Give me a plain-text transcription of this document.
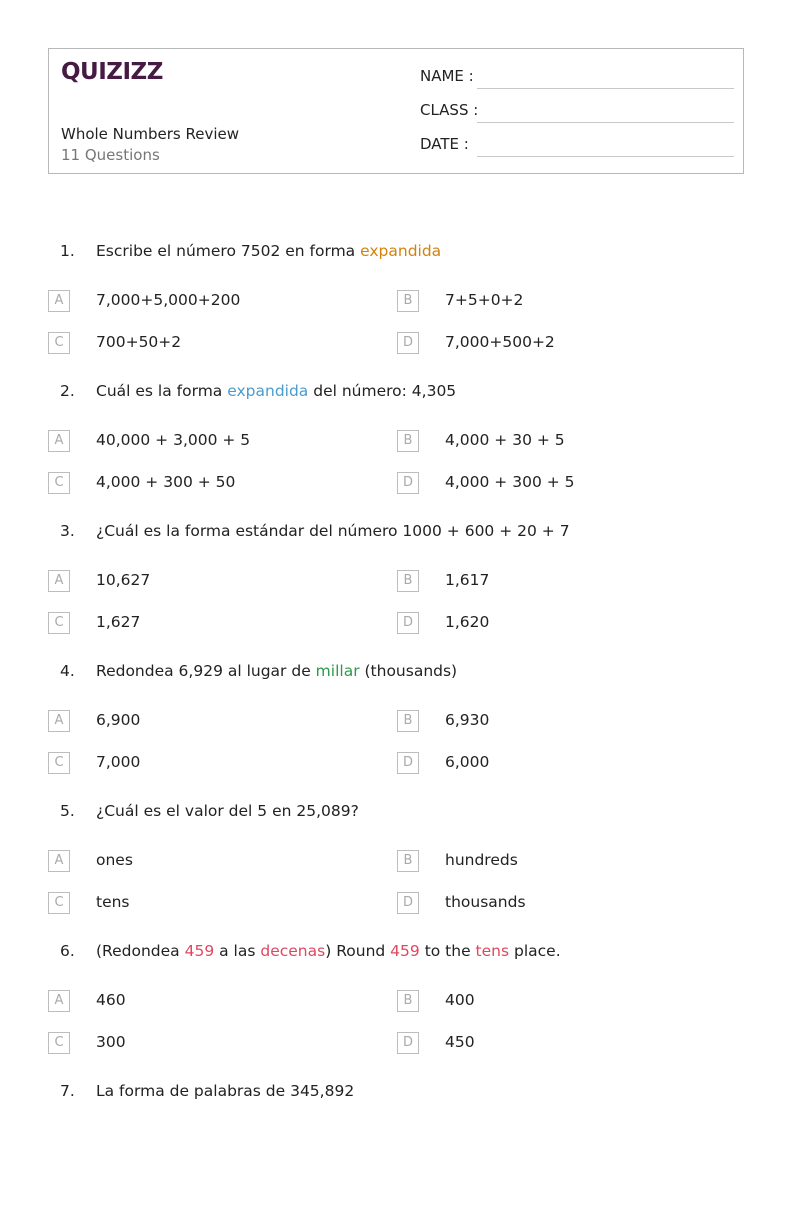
QUIZIZZ
Whole Numbers Review
11 Questions
NAME :
CLASS :
DATE :
1. Escribe el número 7502 en forma expandida
A	7,000+5,000+200	B	7+5+0+2
C	700+50+2	D	7,000+500+2
2. Cuál es la forma expandida del número: 4,305
A	40,000 + 3,000 + 5	B	4,000 + 30 + 5
C	4,000 + 300 + 50	D	4,000 + 300 + 5
3. ¿Cuál es la forma estándar del número 1000 + 600 + 20 + 7
A	10,627	B	1,617
C	1,627	D	1,620
4. Redondea 6,929 al lugar de millar (thousands)
A	6,900	B	6,930
C	7,000	D	6,000
5. ¿Cuál es el valor del 5 en 25,089?
A	ones	B	hundreds
C	tens	D	thousands
6. (Redondea 459 a las decenas) Round 459 to the tens place.
A	460	B	400
C	300	D	450
7. La forma de palabras de 345,892
